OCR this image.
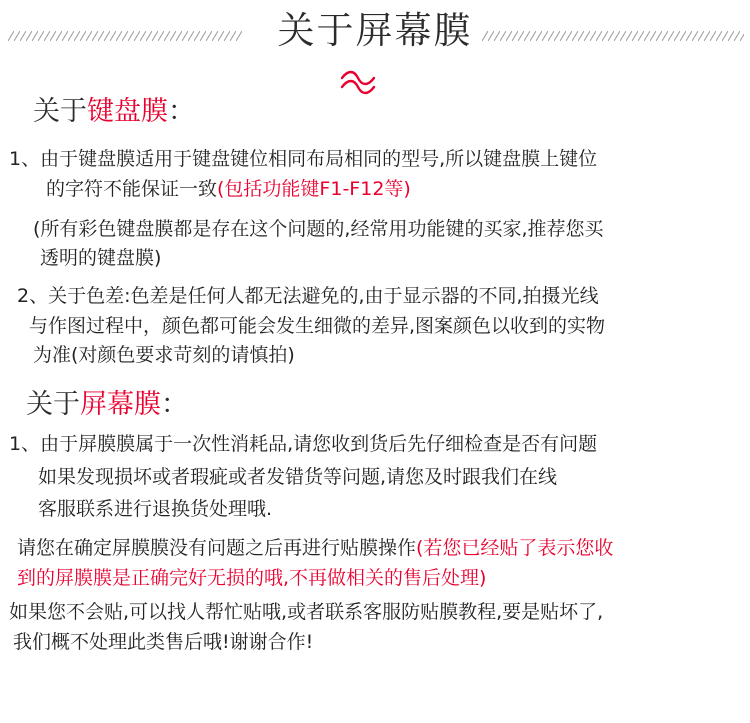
关于屏幕膜
关于键盘膜：
1、由于键盘膜适用于键盘键位相同布局相同的型号,所以键盘膜上键位
的字符不能保证一致(包括功能键F1-F12等)
(所有彩色键盘膜都是存在这个问题的,经常用功能键的买家,推荐您买
透明的键盘膜)
2、关于色差:色差是任何人都无法避免的,由于显示器的不同,拍摄光线
与作图过程中，颜色都可能会发生细微的差异,图案颜色以收到的实物
为准(对颜色要求苛刻的请慎拍)
关于屏幕膜：
1、由于屏膜膜属于一次性消耗品,请您收到货后先仔细检查是否有问题
如果发现损坏或者瑕疵或者发错货等问题,请您及时跟我们在线
客服联系进行退换货处理哦.
请您在确定屏膜膜没有问题之后再进行贴膜操作(若您已经贴了表示您收
到的屏膜膜是正确完好无损的哦,不再做相关的售后处理)
如果您不会贴,可以找人帮忙贴哦,或者联系客服防贴膜教程,要是贴坏了,
我们概不处理此类售后哦!谢谢合作!
